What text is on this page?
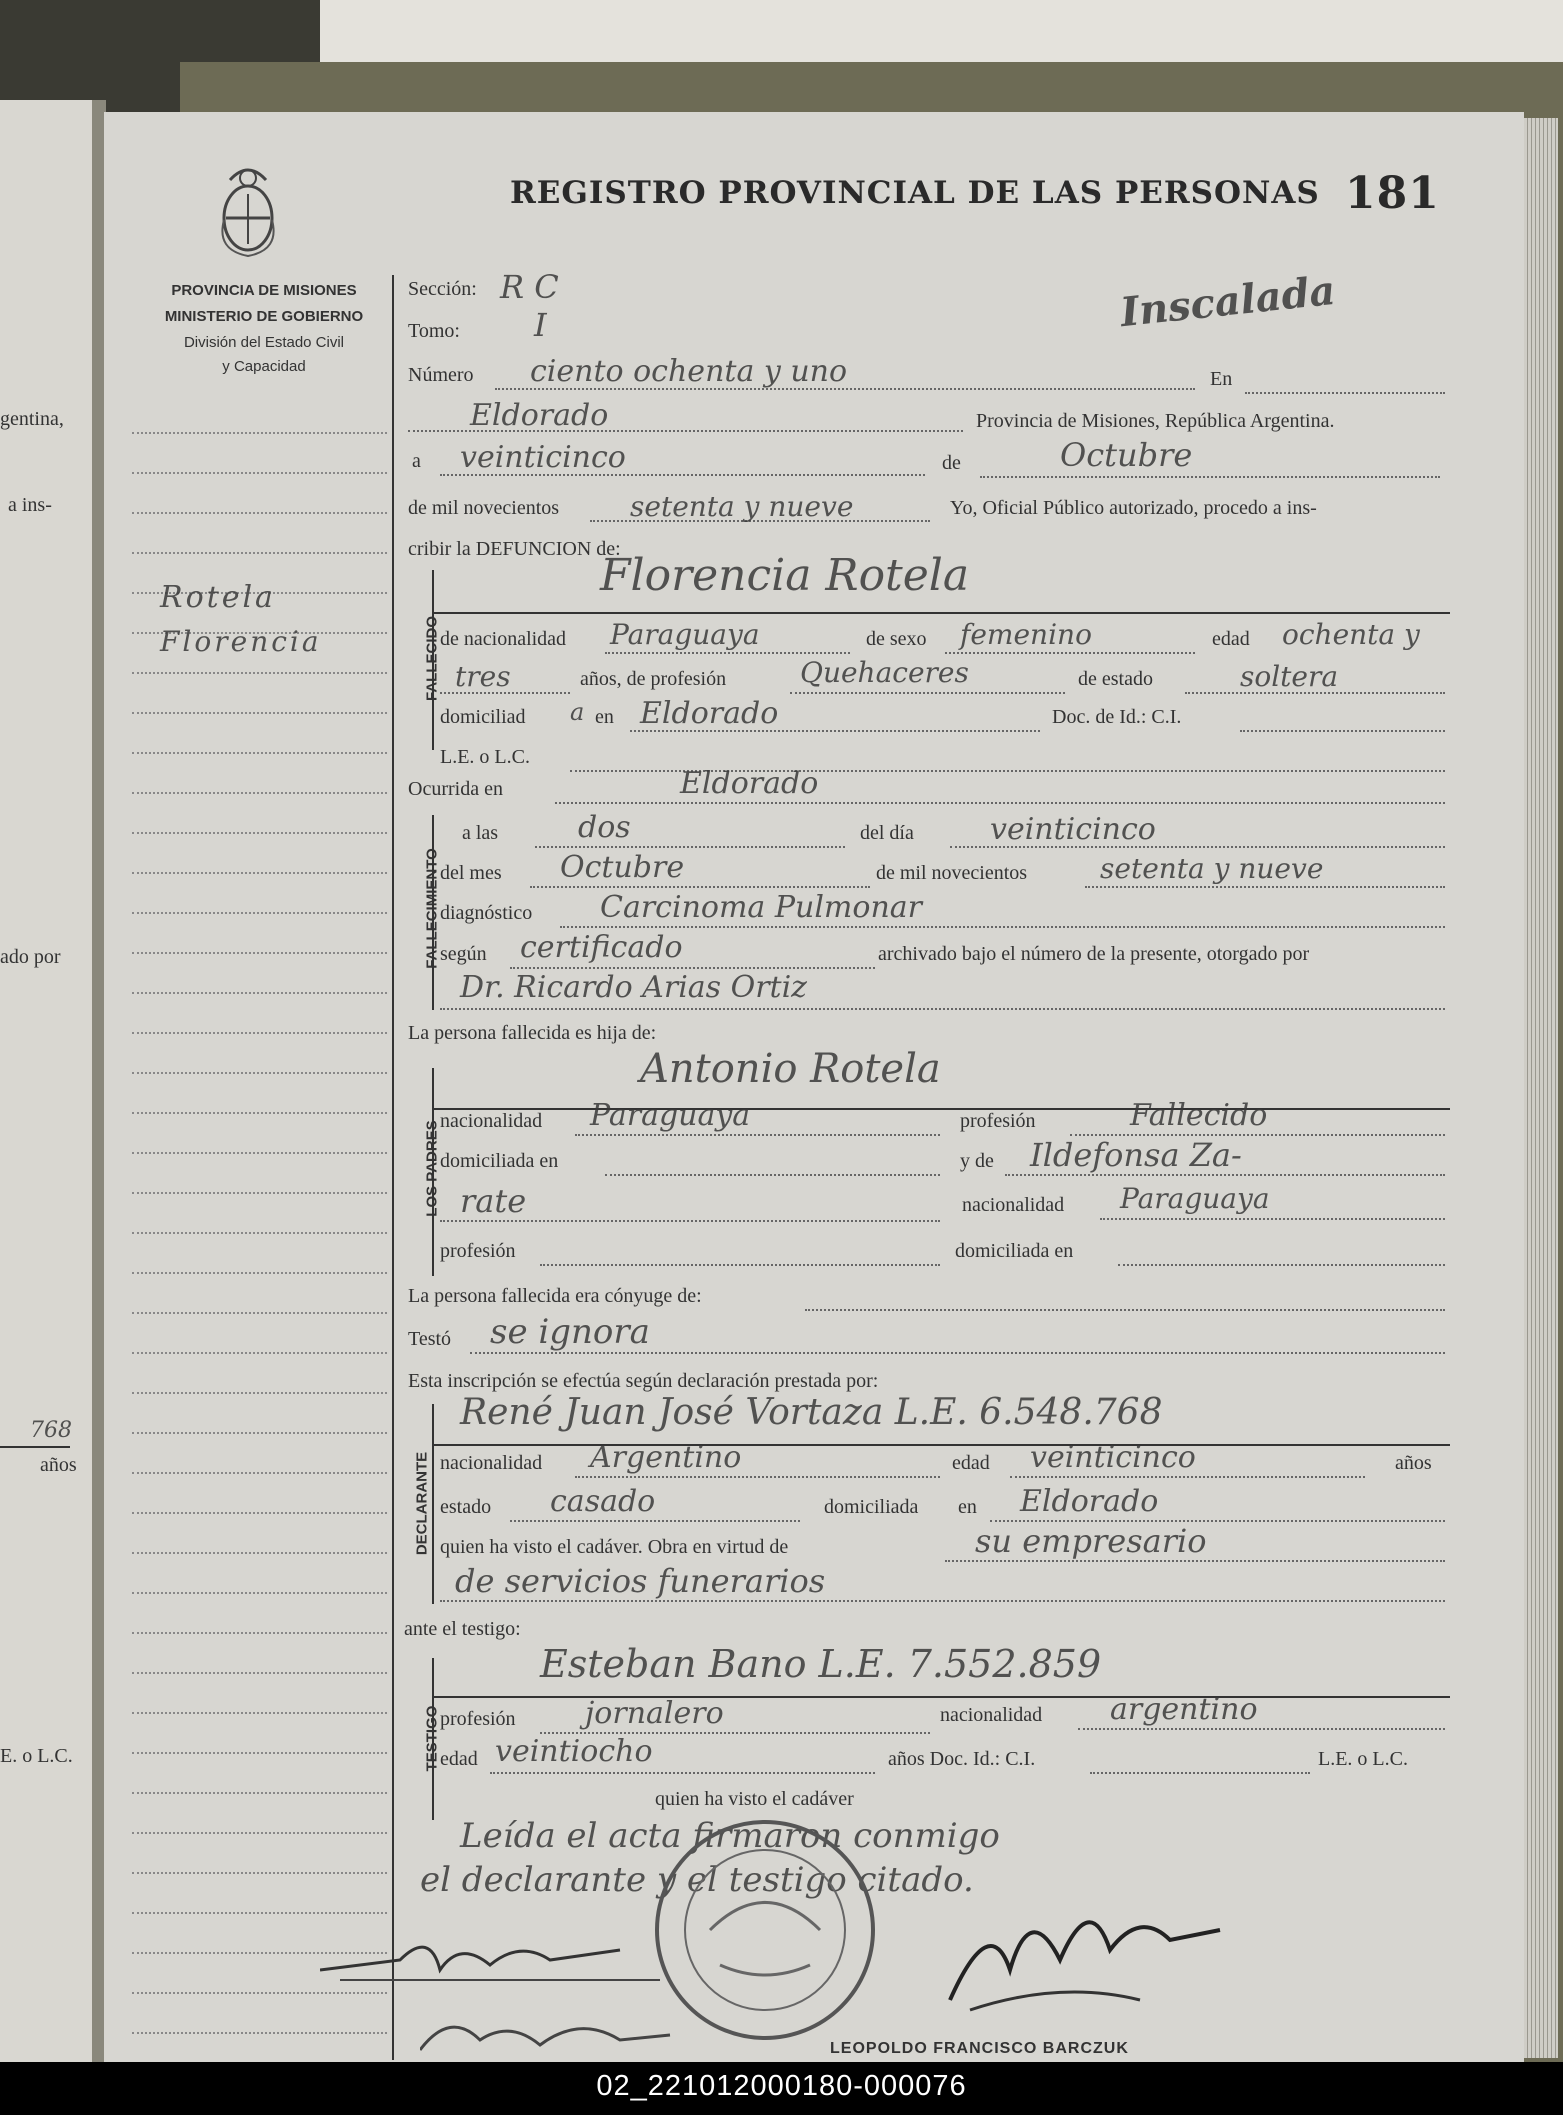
gentina,
a ins-
ado por
años
E. o L.C.
768
PROVINCIA DE MISIONES
MINISTERIO DE GOBIERNO
División del Estado Civil
y Capacidad
Rotela
Florencia
REGISTRO PROVINCIAL DE LAS PERSONAS 181
Inscalada
Sección: R C
Tomo: I
Número ciento ochenta y uno	En
Eldorado	Provincia de Misiones, República Argentina.
a veinticinco	de	Octubre
de mil novecientos	setenta y nueve	Yo, Oficial Público autorizado, procedo a ins-
cribir la DEFUNCION de:
FALLECIDO
Florencia Rotela
de nacionalidad Paraguaya	de sexo femenino	edad ochenta y
tres	años, de profesión	Quehaceres	de estado	soltera
domiciliad a en Eldorado	Doc. de Id.: C.I.
L.E. o L.C.
Ocurrida en	Eldorado
FALLECIMIENTO
a las	dos	del día	veinticinco
del mes Octubre	de mil novecientos	setenta y nueve
diagnóstico Carcinoma Pulmonar
según certificado	archivado bajo el número de la presente, otorgado por
Dr. Ricardo Arias Ortiz
La persona fallecida es hija de:
LOS PADRES
Antonio Rotela
nacionalidad Paraguaya	profesión	Fallecido
domiciliada en	y de Ildefonsa Za-
rate	nacionalidad Paraguaya
profesión	domiciliada en
La persona fallecida era cónyuge de:
Testó se ignora
Esta inscripción se efectúa según declaración prestada por:
DECLARANTE
René Juan José Vortaza L.E. 6.548.768
nacionalidad Argentino	edad veinticinco	años
estado casado	domiciliada en Eldorado
quien ha visto el cadáver. Obra en virtud de	su empresario
de servicios funerarios
ante el testigo:
TESTIGO
Esteban Bano L.E. 7.552.859
profesión jornalero	nacionalidad argentino
edad veintiocho	años Doc. Id.: C.I.	L.E. o L.C.
quien ha visto el cadáver
Leída el acta firmaron conmigo
el declarante y el testigo citado.
LEOPOLDO FRANCISCO BARCZUK
02_221012000180-000076
